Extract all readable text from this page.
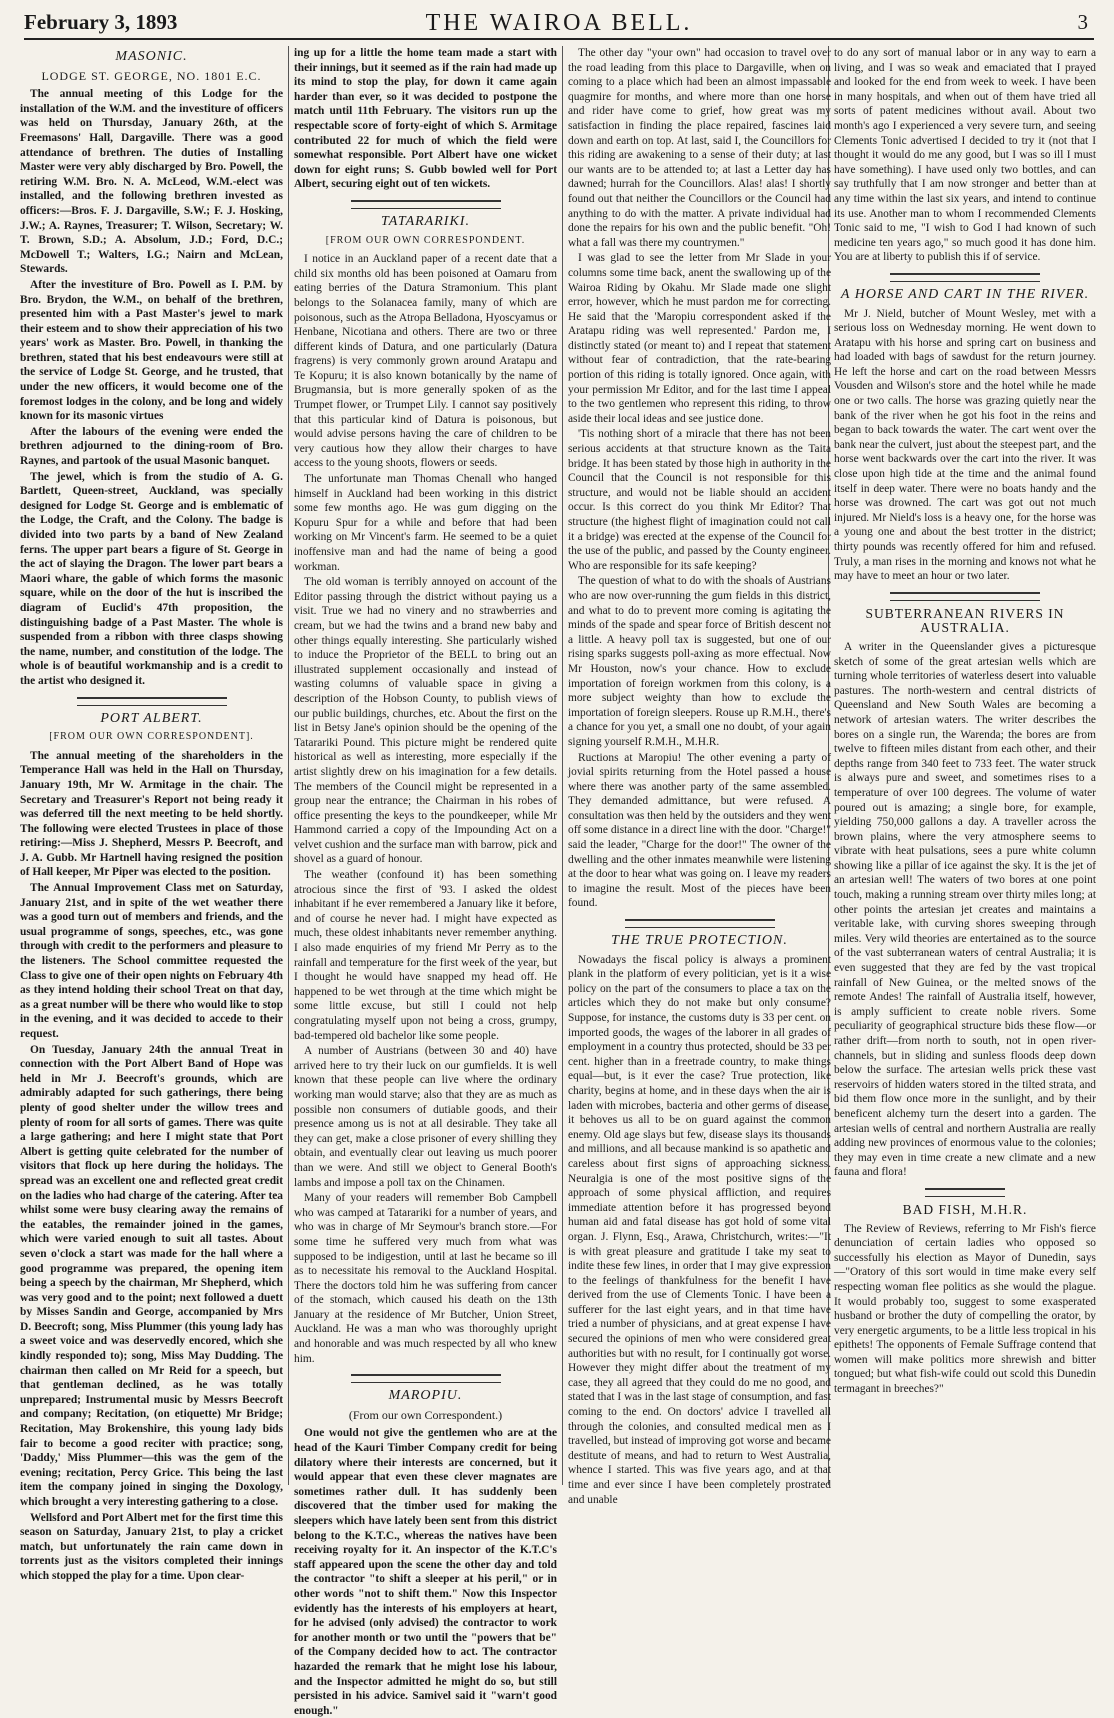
February 3, 1893	THE WAIROA BELL.	3
MASONIC.
LODGE ST. GEORGE, NO. 1801 E.C.

The annual meeting of this Lodge for the installation of the W.M. and the investiture of officers was held on Thursday, January 26th, at the Freemasons' Hall, Dargaville. There was a good attendance of brethren. The duties of Installing Master were very ably discharged by Bro. Powell, the retiring W.M. Bro. N. A. McLeod, W.M.-elect was installed, and the following brethren invested as officers:—Bros. F. J. Dargaville, S.W.; F. J. Hosking, J.W.; A. Raynes, Treasurer; T. Wilson, Secretary; W. T. Brown, S.D.; A. Absolum, J.D.; Ford, D.C.; McDowell T.; Walters, I.G.; Nairn and McLean, Stewards.

After the investiture of Bro. Powell as I. P.M. by Bro. Brydon, the W.M., on behalf of the brethren, presented him with a Past Master's jewel to mark their esteem and to show their appreciation of his two years' work as Master. Bro. Powell, in thanking the brethren, stated that his best endeavours were still at the service of Lodge St. George, and he trusted, that under the new officers, it would become one of the foremost lodges in the colony, and be long and widely known for its masonic virtues

After the labours of the evening were ended the brethren adjourned to the dining-room of Bro. Raynes, and partook of the usual Masonic banquet.

The jewel, which is from the studio of A. G. Bartlett, Queen-street, Auckland, was specially designed for Lodge St. George and is emblematic of the Lodge, the Craft, and the Colony. The badge is divided into two parts by a band of New Zealand ferns. The upper part bears a figure of St. George in the act of slaying the Dragon. The lower part bears a Maori whare, the gable of which forms the masonic square, while on the door of the hut is inscribed the diagram of Euclid's 47th proposition, the distinguishing badge of a Past Master. The whole is suspended from a ribbon with three clasps showing the name, number, and constitution of the lodge. The whole is of beautiful workmanship and is a credit to the artist who designed it.

PORT ALBERT.
[FROM OUR OWN CORRESPONDENT].

The annual meeting of the shareholders in the Temperance Hall was held in the Hall on Thursday, January 19th, Mr W. Armitage in the chair. The Secretary and Treasurer's Report not being ready it was deferred till the next meeting to be held shortly. The following were elected Trustees in place of those retiring:—Miss J. Shepherd, Messrs P. Beecroft, and J. A. Gubb. Mr Hartnell having resigned the position of Hall keeper, Mr Piper was elected to the position.

The Annual Improvement Class met on Saturday, January 21st, and in spite of the wet weather there was a good turn out of members and friends, and the usual programme of songs, speeches, etc., was gone through with credit to the performers and pleasure to the listeners. The School committee requested the Class to give one of their open nights on February 4th as they intend holding their school Treat on that day, as a great number will be there who would like to stop in the evening, and it was decided to accede to their request.

On Tuesday, January 24th the annual Treat in connection with the Port Albert Band of Hope was held in Mr J. Beecroft's grounds, which are admirably adapted for such gatherings, there being plenty of good shelter under the willow trees and plenty of room for all sorts of games. There was quite a large gathering; and here I might state that Port Albert is getting quite celebrated for the number of visitors that flock up here during the holidays. The spread was an excellent one and reflected great credit on the ladies who had charge of the catering. After tea whilst some were busy clearing away the remains of the eatables, the remainder joined in the games, which were varied enough to suit all tastes. About seven o'clock a start was made for the hall where a good programme was prepared, the opening item being a speech by the chairman, Mr Shepherd, which was very good and to the point; next followed a duett by Misses Sandin and George, accompanied by Mrs D. Beecroft; song, Miss Plummer (this young lady has a sweet voice and was deservedly encored, which she kindly responded to); song, Miss May Dudding. The chairman then called on Mr Reid for a speech, but that gentleman declined, as he was totally unprepared; Instrumental music by Messrs Beecroft and company; Recitation, (on etiquette) Mr Bridge; Recitation, May Brokenshire, this young lady bids fair to become a good reciter with practice; song, 'Daddy,' Miss Plummer—this was the gem of the evening; recitation, Percy Grice. This being the last item the company joined in singing the Doxology, which brought a very interesting gathering to a close.

Wellsford and Port Albert met for the first time this season on Saturday, January 21st, to play a cricket match, but unfortunately the rain came down in torrents just as the visitors completed their innings which stopped the play for a time. Upon clear-

ing up for a little the home team made a start with their innings, but it seemed as if the rain had made up its mind to stop the play, for down it came again harder than ever, so it was decided to postpone the match until 11th February. The visitors run up the respectable score of forty-eight of which S. Armitage contributed 22 for much of which the field were somewhat responsible. Port Albert have one wicket down for eight runs; S. Gubb bowled well for Port Albert, securing eight out of ten wickets.

TATARARIKI.
[FROM OUR OWN CORRESPONDENT.

I notice in an Auckland paper of a recent date that a child six months old has been poisoned at Oamaru from eating berries of the Datura Stramonium. This plant belongs to the Solanacea family, many of which are poisonous, such as the Atropa Belladona, Hyoscyamus or Henbane, Nicotiana and others. There are two or three different kinds of Datura, and one particularly (Datura fragrens) is very commonly grown around Aratapu and Te Kopuru; it is also known botanically by the name of Brugmansia, but is more generally spoken of as the Trumpet flower, or Trumpet Lily. I cannot say positively that this particular kind of Datura is poisonous, but would advise persons having the care of children to be very cautious how they allow their charges to have access to the young shoots, flowers or seeds.

The unfortunate man Thomas Chenall who hanged himself in Auckland had been working in this district some few months ago. He was gum digging on the Kopuru Spur for a while and before that had been working on Mr Vincent's farm. He seemed to be a quiet inoffensive man and had the name of being a good workman.

The old woman is terribly annoyed on account of the Editor passing through the district without paying us a visit. True we had no vinery and no strawberries and cream, but we had the twins and a brand new baby and other things equally interesting. She particularly wished to induce the Proprietor of the BELL to bring out an illustrated supplement occasionally and instead of wasting columns of valuable space in giving a description of the Hobson County, to publish views of our public buildings, churches, etc. About the first on the list in Betsy Jane's opinion should be the opening of the Tatarariki Pound. This picture might be rendered quite historical as well as interesting, more especially if the artist slightly drew on his imagination for a few details. The members of the Council might be represented in a group near the entrance; the Chairman in his robes of office presenting the keys to the poundkeeper, while Mr Hammond carried a copy of the Impounding Act on a velvet cushion and the surface man with barrow, pick and shovel as a guard of honour.

The weather (confound it) has been something atrocious since the first of '93. I asked the oldest inhabitant if he ever remembered a January like it before, and of course he never had. I might have expected as much, these oldest inhabitants never remember anything. I also made enquiries of my friend Mr Perry as to the rainfall and temperature for the first week of the year, but I thought he would have snapped my head off. He happened to be wet through at the time which might be some little excuse, but still I could not help congratulating myself upon not being a cross, grumpy, bad-tempered old bachelor like some people.

A number of Austrians (between 30 and 40) have arrived here to try their luck on our gumfields. It is well known that these people can live where the ordinary working man would starve; also that they are as much as possible non consumers of dutiable goods, and their presence among us is not at all desirable. They take all they can get, make a close prisoner of every shilling they obtain, and eventually clear out leaving us much poorer than we were. And still we object to General Booth's lambs and impose a poll tax on the Chinamen.

Many of your readers will remember Bob Campbell who was camped at Tatarariki for a number of years, and who was in charge of Mr Seymour's branch store.—For some time he suffered very much from what was supposed to be indigestion, until at last he became so ill as to necessitate his removal to the Auckland Hospital. There the doctors told him he was suffering from cancer of the stomach, which caused his death on the 13th January at the residence of Mr Butcher, Union Street, Auckland. He was a man who was thoroughly upright and honorable and was much respected by all who knew him.

MAROPIU.
(From our own Correspondent.)

One would not give the gentlemen who are at the head of the Kauri Timber Company credit for being dilatory where their interests are concerned, but it would appear that even these clever magnates are sometimes rather dull. It has suddenly been discovered that the timber used for making the sleepers which have lately been sent from this district belong to the K.T.C., whereas the natives have been receiving royalty for it. An inspector of the K.T.C's staff appeared upon the scene the other day and told the contractor "to shift a sleeper at his peril," or in other words "not to shift them." Now this Inspector evidently has the interests of his employers at heart, for he advised (only advised) the contractor to work for another month or two until the "powers that be" of the Company decided how to act. The contractor hazarded the remark that he might lose his labour, and the Inspector admitted he might do so, but still persisted in his advice. Samivel said it "warn't good enough."

The other day "your own" had occasion to travel over the road leading from this place to Dargaville, when on coming to a place which had been an almost impassable quagmire for months, and where more than one horse and rider have come to grief, how great was my satisfaction in finding the place repaired, fascines laid down and earth on top. At last, said I, the Councillors for this riding are awakening to a sense of their duty; at last our wants are to be attended to; at last a Letter day has dawned; hurrah for the Councillors. Alas! alas! I shortly found out that neither the Councillors or the Council had anything to do with the matter. A private individual had done the repairs for his own and the public benefit. "Oh! what a fall was there my countrymen."

I was glad to see the letter from Mr Slade in your columns some time back, anent the swallowing up of the Wairoa Riding by Okahu. Mr Slade made one slight error, however, which he must pardon me for correcting. He said that the 'Maropiu correspondent asked if the Aratapu riding was well represented.' Pardon me, I distinctly stated (or meant to) and I repeat that statement without fear of contradiction, that the rate-bearing portion of this riding is totally ignored. Once again, with your permission Mr Editor, and for the last time I appeal to the two gentlemen who represent this riding, to throw aside their local ideas and see justice done.

'Tis nothing short of a miracle that there has not been serious accidents at that structure known as the Taita bridge. It has been stated by those high in authority in the Council that the Council is not responsible for this structure, and would not be liable should an accident occur. Is this correct do you think Mr Editor? That structure (the highest flight of imagination could not call it a bridge) was erected at the expense of the Council for the use of the public, and passed by the County engineer. Who are responsible for its safe keeping?

The question of what to do with the shoals of Austrians who are now over-running the gum fields in this district, and what to do to prevent more coming is agitating the minds of the spade and spear force of British descent not a little. A heavy poll tax is suggested, but one of our rising sparks suggests poll-axing as more effectual. Now Mr Houston, now's your chance. How to exclude importation of foreign workmen from this colony, is a more subject weighty than how to exclude the importation of foreign sleepers. Rouse up R.M.H., there's a chance for you yet, a small one no doubt, of your again signing yourself R.M.H., M.H.R.

Ructions at Maropiu! The other evening a party of jovial spirits returning from the Hotel passed a house where there was another party of the same assembled. They demanded admittance, but were refused. A consultation was then held by the outsiders and they went off some distance in a direct line with the door. "Charge!" said the leader, "Charge for the door!" The owner of the dwelling and the other inmates meanwhile were listening at the door to hear what was going on. I leave my readers to imagine the result. Most of the pieces have been found.

THE TRUE PROTECTION.

Nowadays the fiscal policy is always a prominent plank in the platform of every politician, yet is it a wise policy on the part of the consumers to place a tax on the articles which they do not make but only consume? Suppose, for instance, the customs duty is 33 per cent. on imported goods, the wages of the laborer in all grades of employment in a country thus protected, should be 33 per cent. higher than in a freetrade country, to make things equal—but, is it ever the case? True protection, like charity, begins at home, and in these days when the air is laden with microbes, bacteria and other germs of disease, it behoves us all to be on guard against the common enemy. Old age slays but few, disease slays its thousands and millions, and all because mankind is so apathetic and careless about first signs of approaching sickness. Neuralgia is one of the most positive signs of the approach of some physical affliction, and requires immediate attention before it has progressed beyond human aid and fatal disease has got hold of some vital organ. J. Flynn, Esq., Arawa, Christchurch, writes:—"It is with great pleasure and gratitude I take my seat to indite these few lines, in order that I may give expression to the feelings of thankfulness for the benefit I have derived from the use of Clements Tonic. I have been a sufferer for the last eight years, and in that time have tried a number of physicians, and at great expense I have secured the opinions of men who were considered great authorities but with no result, for I continually got worse. However they might differ about the treatment of my case, they all agreed that they could do me no good, and stated that I was in the last stage of consumption, and fast coming to the end. On doctors' advice I travelled all through the colonies, and consulted medical men as I travelled, but instead of improving got worse and became destitute of means, and had to return to West Australia, whence I started. This was five years ago, and at that time and ever since I have been completely prostrated and unable

to do any sort of manual labor or in any way to earn a living, and I was so weak and emaciated that I prayed and looked for the end from week to week. I have been in many hospitals, and when out of them have tried all sorts of patent medicines without avail. About two month's ago I experienced a very severe turn, and seeing Clements Tonic advertised I decided to try it (not that I thought it would do me any good, but I was so ill I must have something). I have used only two bottles, and can say truthfully that I am now stronger and better than at any time within the last six years, and intend to continue its use. Another man to whom I recommended Clements Tonic said to me, "I wish to God I had known of such medicine ten years ago," so much good it has done him. You are at liberty to publish this if of service.

A HORSE AND CART IN THE RIVER.

Mr J. Nield, butcher of Mount Wesley, met with a serious loss on Wednesday morning. He went down to Aratapu with his horse and spring cart on business and had loaded with bags of sawdust for the return journey. He left the horse and cart on the road between Messrs Vousden and Wilson's store and the hotel while he made one or two calls. The horse was grazing quietly near the bank of the river when he got his foot in the reins and began to back towards the water. The cart went over the bank near the culvert, just about the steepest part, and the horse went backwards over the cart into the river. It was close upon high tide at the time and the animal found itself in deep water. There were no boats handy and the horse was drowned. The cart was got out not much injured. Mr Nield's loss is a heavy one, for the horse was a young one and about the best trotter in the district; thirty pounds was recently offered for him and refused. Truly, a man rises in the morning and knows not what he may have to meet an hour or two later.

SUBTERRANEAN RIVERS IN AUSTRALIA.

A writer in the Queenslander gives a picturesque sketch of some of the great artesian wells which are turning whole territories of waterless desert into valuable pastures. The north-western and central districts of Queensland and New South Wales are becoming a network of artesian waters. The writer describes the bores on a single run, the Warenda; the bores are from twelve to fifteen miles distant from each other, and their depths range from 340 feet to 733 feet. The water struck is always pure and sweet, and sometimes rises to a temperature of over 100 degrees. The volume of water poured out is amazing; a single bore, for example, yielding 750,000 gallons a day. A traveller across the brown plains, where the very atmosphere seems to vibrate with heat pulsations, sees a pure white column showing like a pillar of ice against the sky. It is the jet of an artesian well! The waters of two bores at one point touch, making a running stream over thirty miles long; at other points the artesian jet creates and maintains a veritable lake, with curving shores sweeping through miles. Very wild theories are entertained as to the source of the vast subterranean waters of central Australia; it is even suggested that they are fed by the vast tropical rainfall of New Guinea, or the melted snows of the remote Andes! The rainfall of Australia itself, however, is amply sufficient to create noble rivers. Some peculiarity of geographical structure bids these flow—or rather drift—from north to south, not in open river-channels, but in sliding and sunless floods deep down below the surface. The artesian wells prick these vast reservoirs of hidden waters stored in the tilted strata, and bid them flow once more in the sunlight, and by their beneficent alchemy turn the desert into a garden. The artesian wells of central and northern Australia are really adding new provinces of enormous value to the colonies; they may even in time create a new climate and a new fauna and flora!

BAD FISH, M.H.R.

The Review of Reviews, referring to Mr Fish's fierce denunciation of certain ladies who opposed so successfully his election as Mayor of Dunedin, says—"Oratory of this sort would in time make every self respecting woman flee politics as she would the plague. It would probably too, suggest to some exasperated husband or brother the duty of compelling the orator, by very energetic arguments, to be a little less tropical in his epithets! The opponents of Female Suffrage contend that women will make politics more shrewish and bitter tongued; but what fish-wife could out scold this Dunedin termagant in breeches?"
